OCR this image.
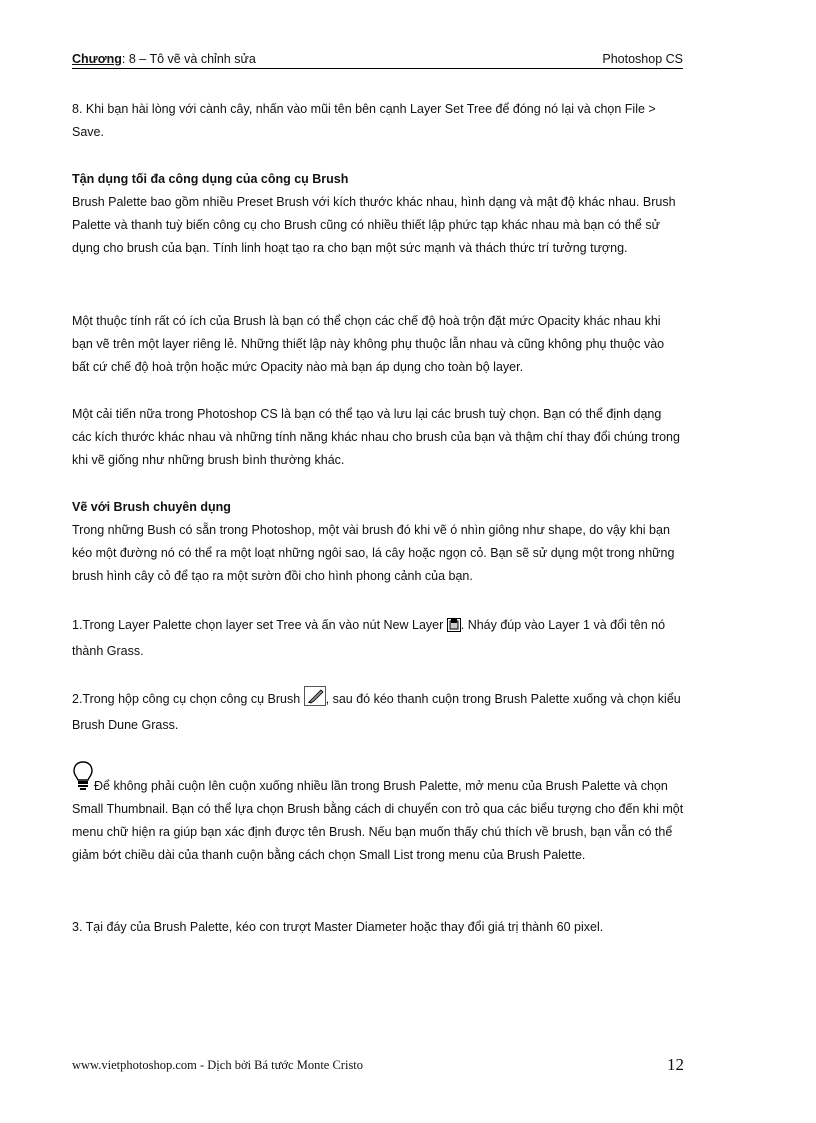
Chương: 8 – Tô vẽ và chỉnh sửa	Photoshop CS

8. Khi bạn hài lòng với cành cây, nhấn vào mũi tên bên cạnh Layer Set Tree để đóng nó lại và chọn File > Save.

Tận dụng tối đa công dụng của công cụ Brush

Brush Palette bao gồm nhiều Preset Brush với kích thước khác nhau, hình dạng và mật độ khác nhau. Brush Palette và thanh tuỳ biến công cụ cho Brush cũng có nhiều thiết lập phức tạp khác nhau mà bạn có thể sử dụng cho brush của bạn. Tính linh hoạt tạo ra cho bạn một sức mạnh và thách thức trí tưởng tượng.

Một thuộc tính rất có ích của Brush là bạn có thể chọn các chế độ hoà trộn đặt mức Opacity khác nhau khi bạn vẽ trên một layer riêng lẻ. Những thiết lập này không phụ thuộc lẫn nhau và cũng không phụ thuộc vào bất cứ chế độ hoà trộn hoặc mức Opacity nào mà bạn áp dụng cho toàn bộ layer.

Một cải tiến nữa trong Photoshop CS là bạn có thể tạo và lưu lại các brush tuỳ chọn. Bạn có thể định dạng các kích thước khác nhau và những tính năng khác nhau cho brush của bạn và thậm chí thay đổi chúng trong khi vẽ giống như những brush bình thường khác.

Vẽ với Brush chuyên dụng

Trong những Bush có sẵn trong Photoshop, một vài brush đó khi vẽ ó nhìn giông như shape, do vậy khi bạn kéo một đường nó có thể ra một loạt những ngôi sao, lá cây hoặc ngọn cỏ. Bạn sẽ sử dụng một trong những brush hình cây cỏ để tạo ra một sườn đồi cho hình phong cảnh của bạn.

1.Trong Layer Palette chọn layer set Tree và ấn vào nút New Layer . Nháy đúp vào Layer 1 và đổi tên nó thành Grass.

2.Trong hộp công cụ chọn công cụ Brush , sau đó kéo thanh cuộn trong Brush Palette xuống và chọn kiểu Brush Dune Grass.

Để không phải cuộn lên cuộn xuống nhiều lần trong Brush Palette, mở menu của Brush Palette và chọn Small Thumbnail. Bạn có thể lựa chọn Brush bằng cách di chuyển con trỏ qua các biểu tượng cho đến khi một menu chữ hiện ra giúp bạn xác định được tên Brush. Nếu bạn muốn thấy chú thích về brush, bạn vẫn có thể giảm bớt chiều dài của thanh cuộn bằng cách chọn Small List trong menu của Brush Palette.

3. Tại đáy của Brush Palette, kéo con trượt Master Diameter hoặc thay đổi giá trị thành 60 pixel.

www.vietphotoshop.com - Dịch bởi Bá tước Monte Cristo	12
